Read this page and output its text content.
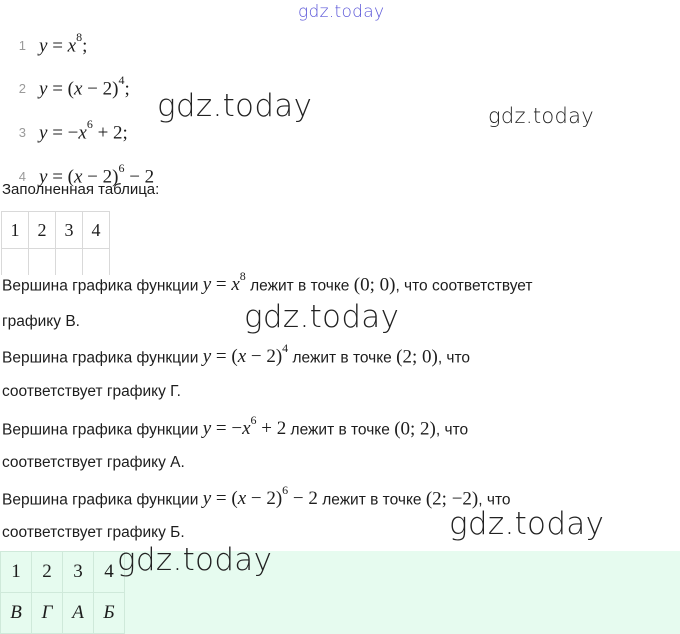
gdz.today
1 $y = x^8$;
2 $y = (x - 2)^4$;
3 $y = -x^6 + 2$;
4 $y = (x - 2)^6 - 2$
gdz.today	gdz.today
Заполненная таблица:
1	2	3	4

Вершина графика функции $y = x^8$ лежит в точке (0; 0), что соответствует
графику В.	gdz.today
Вершина графика функции $y = (x - 2)^4$ лежит в точке (2; 0), что
соответствует графику Г.
Вершина графика функции $y = -x^6 + 2$ лежит в точке (0; 2), что
соответствует графику А.
Вершина графика функции $y = (x - 2)^6 - 2$ лежит в точке (2; −2), что
соответствует графику Б.	gdz.today
1	2	3	4
В	Г	А	Б
gdz.today
